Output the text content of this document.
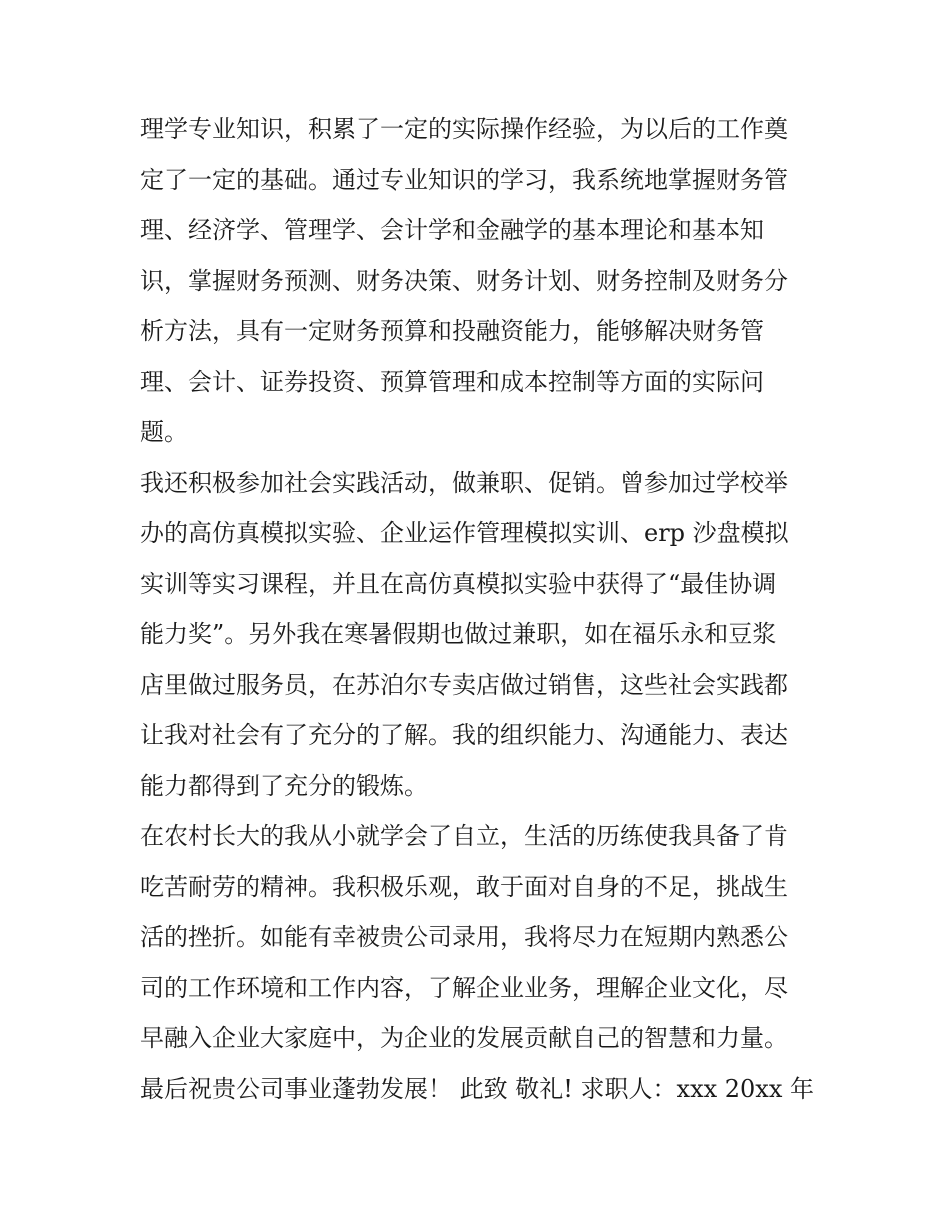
理学专业知识，积累了一定的实际操作经验，为以后的工作奠
定了一定的基础。通过专业知识的学习，我系统地掌握财务管
理、经济学、管理学、会计学和金融学的基本理论和基本知
识，掌握财务预测、财务决策、财务计划、财务控制及财务分
析方法，具有一定财务预算和投融资能力，能够解决财务管
理、会计、证券投资、预算管理和成本控制等方面的实际问
题。
我还积极参加社会实践活动，做兼职、促销。曾参加过学校举
办的高仿真模拟实验、企业运作管理模拟实训、erp 沙盘模拟
实训等实习课程，并且在高仿真模拟实验中获得了“最佳协调
能力奖”。另外我在寒暑假期也做过兼职，如在福乐永和豆浆
店里做过服务员，在苏泊尔专卖店做过销售，这些社会实践都
让我对社会有了充分的了解。我的组织能力、沟通能力、表达
能力都得到了充分的锻炼。
在农村长大的我从小就学会了自立，生活的历练使我具备了肯
吃苦耐劳的精神。我积极乐观，敢于面对自身的不足，挑战生
活的挫折。如能有幸被贵公司录用，我将尽力在短期内熟悉公
司的工作环境和工作内容，了解企业业务，理解企业文化，尽
早融入企业大家庭中，为企业的发展贡献自己的智慧和力量。
最后祝贵公司事业蓬勃发展！ 此致 敬礼! 求职人：xxx 20xx 年
